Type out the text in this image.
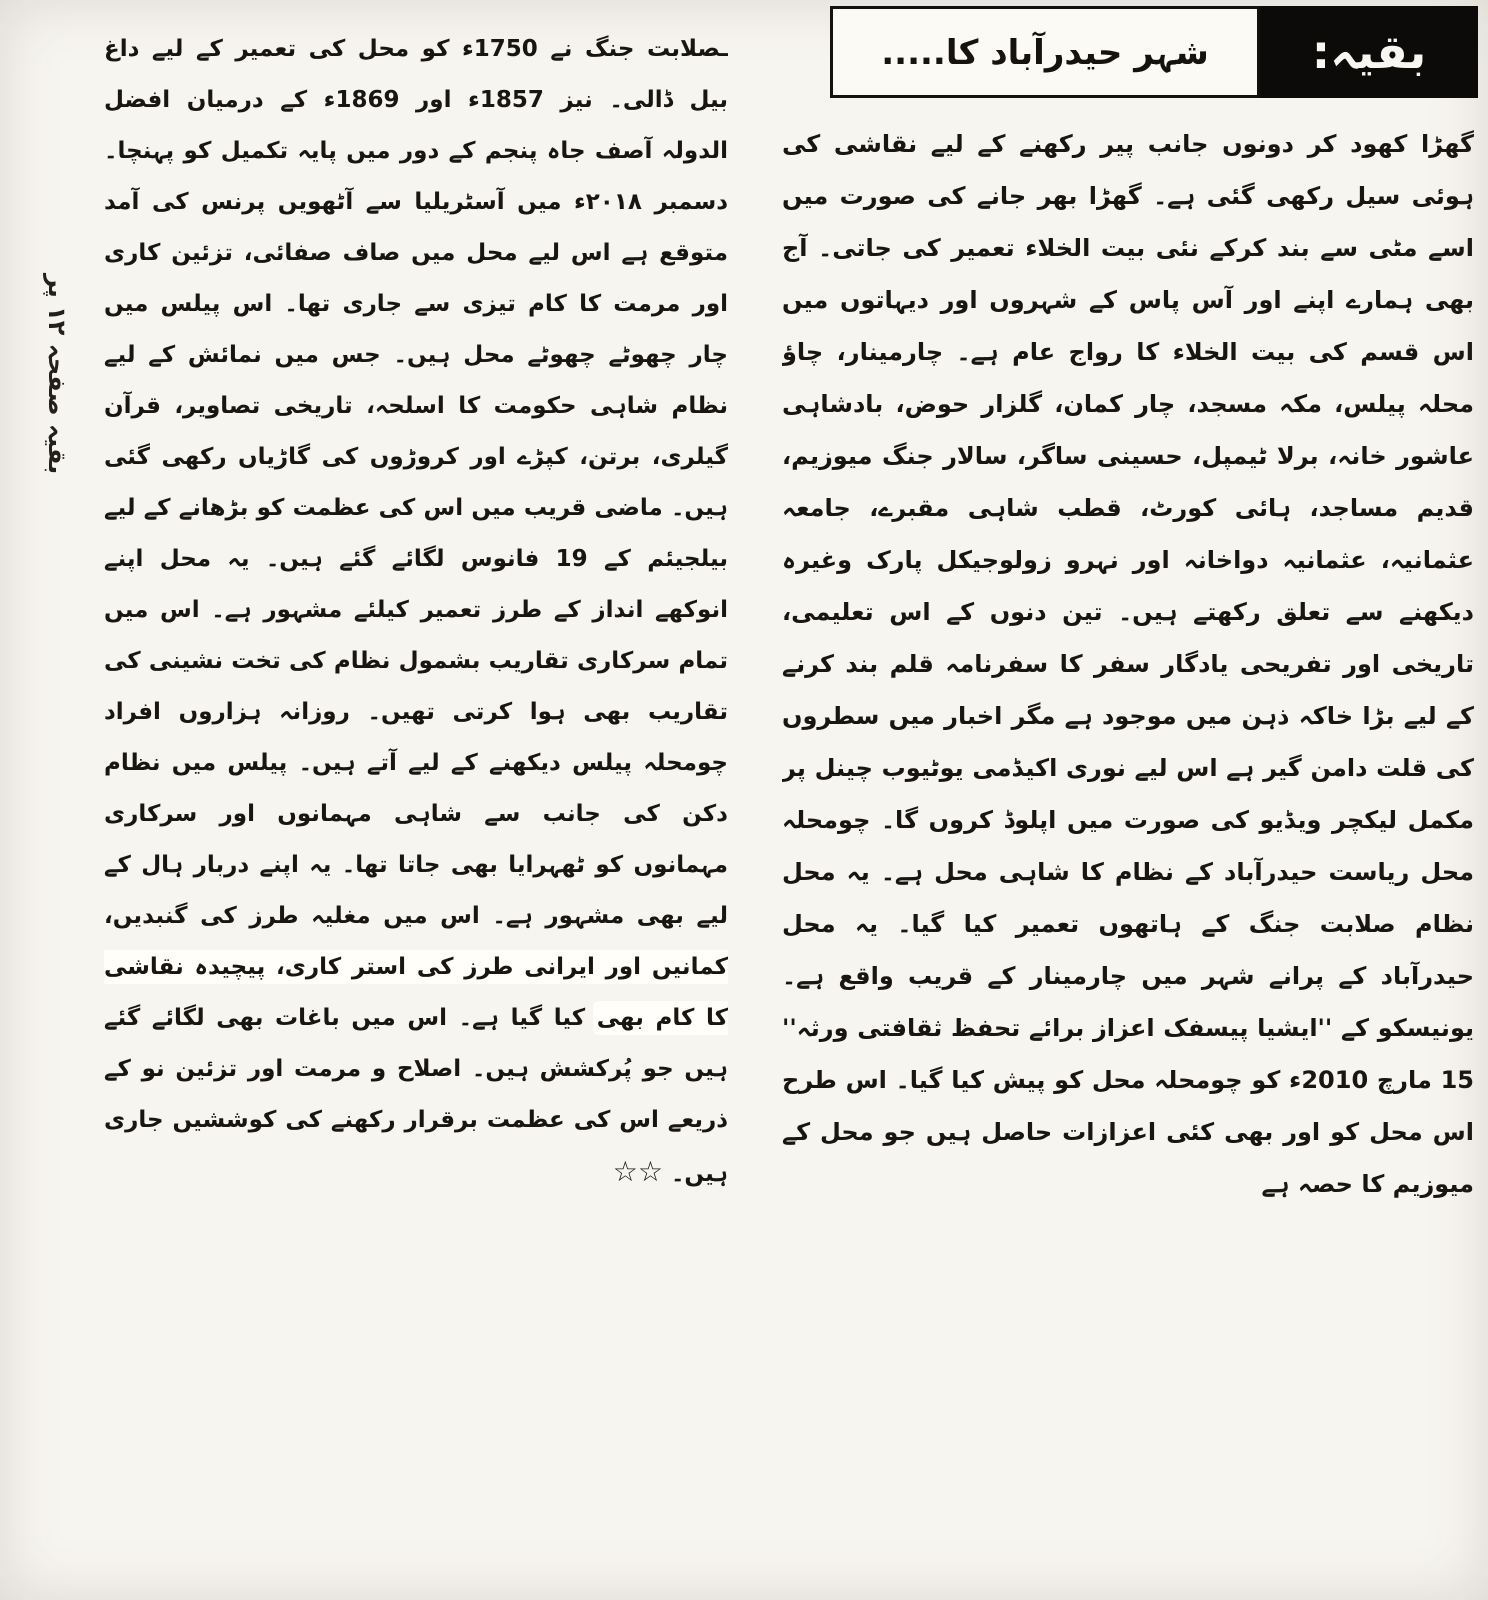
بقیہ:
شہر حیدرآباد کا.....
بقیہ صفحہ ۱۲ پر

گھڑا کھود کر دونوں جانب پیر رکھنے کے لیے نقاشی کی ہوئی سیل رکھی گئی ہے۔ گھڑا بھر جانے کی صورت میں اسے مٹی سے بند کرکے نئی بیت الخلاء تعمیر کی جاتی۔ آج بھی ہمارے اپنے اور آس پاس کے شہروں اور دیہاتوں میں اس قسم کی بیت الخلاء کا رواج عام ہے۔ چارمینار، چاؤ محلہ پیلس، مکہ مسجد، چار کمان، گلزار حوض، بادشاہی عاشور خانہ، برلا ٹیمپل، حسینی ساگر، سالار جنگ میوزیم، قدیم مساجد، ہائی کورٹ، قطب شاہی مقبرے، جامعہ عثمانیہ، عثمانیہ دواخانہ اور نہرو زولوجیکل پارک وغیرہ دیکھنے سے تعلق رکھتے ہیں۔ تین دنوں کے اس تعلیمی، تاریخی اور تفریحی یادگار سفر کا سفرنامہ قلم بند کرنے کے لیے بڑا خاکہ ذہن میں موجود ہے مگر اخبار میں سطروں کی قلت دامن گیر ہے اس لیے نوری اکیڈمی یوٹیوب چینل پر مکمل لیکچر ویڈیو کی صورت میں اپلوڈ کروں گا۔ چومحلہ محل ریاست حیدرآباد کے نظام کا شاہی محل ہے۔ یہ محل نظام صلابت جنگ کے ہاتھوں تعمیر کیا گیا۔ یہ محل حیدرآباد کے پرانے شہر میں چارمینار کے قریب واقع ہے۔ یونیسکو کے ''ایشیا پیسفک اعزاز برائے تحفظ ثقافتی ورثہ'' 15 مارچ 2010ء کو چومحلہ محل کو پیش کیا گیا۔ اس طرح اس محل کو اور بھی کئی اعزازات حاصل ہیں جو محل کے میوزیم کا حصہ ہے

ـصلابت جنگ نے 1750ء کو محل کی تعمیر کے لیے داغ بیل ڈالی۔ نیز 1857ء اور 1869ء کے درمیان افضل الدولہ آصف جاہ پنجم کے دور میں پایہ تکمیل کو پہنچا۔ دسمبر ۲۰۱۸ء میں آسٹریلیا سے آٹھویں پرنس کی آمد متوقع ہے اس لیے محل میں صاف صفائی، تزئین کاری اور مرمت کا کام تیزی سے جاری تھا۔ اس پیلس میں چار چھوٹے چھوٹے محل ہیں۔ جس میں نمائش کے لیے نظام شاہی حکومت کا اسلحہ، تاریخی تصاویر، قرآن گیلری، برتن، کپڑے اور کروڑوں کی گاڑیاں رکھی گئی ہیں۔ ماضی قریب میں اس کی عظمت کو بڑھانے کے لیے بیلجیئم کے 19 فانوس لگائے گئے ہیں۔ یہ محل اپنے انوکھے انداز کے طرز تعمیر کیلئے مشہور ہے۔ اس میں تمام سرکاری تقاریب بشمول نظام کی تخت نشینی کی تقاریب بھی ہوا کرتی تھیں۔ روزانہ ہزاروں افراد چومحلہ پیلس دیکھنے کے لیے آتے ہیں۔ پیلس میں نظام دکن کی جانب سے شاہی مہمانوں اور سرکاری مہمانوں کو ٹھہرایا بھی جاتا تھا۔ یہ اپنے دربار ہال کے لیے بھی مشہور ہے۔ اس میں مغلیہ طرز کی گنبدیں، کمانیں اور ایرانی طرز کی استر کاری، پیچیدہ نقاشی کا کام بھی کیا گیا ہے۔ اس میں باغات بھی لگائے گئے ہیں جو پُرکشش ہیں۔ اصلاح و مرمت اور تزئین نو کے ذریعے اس کی عظمت برقرار رکھنے کی کوششیں جاری ہیں۔ ☆☆
